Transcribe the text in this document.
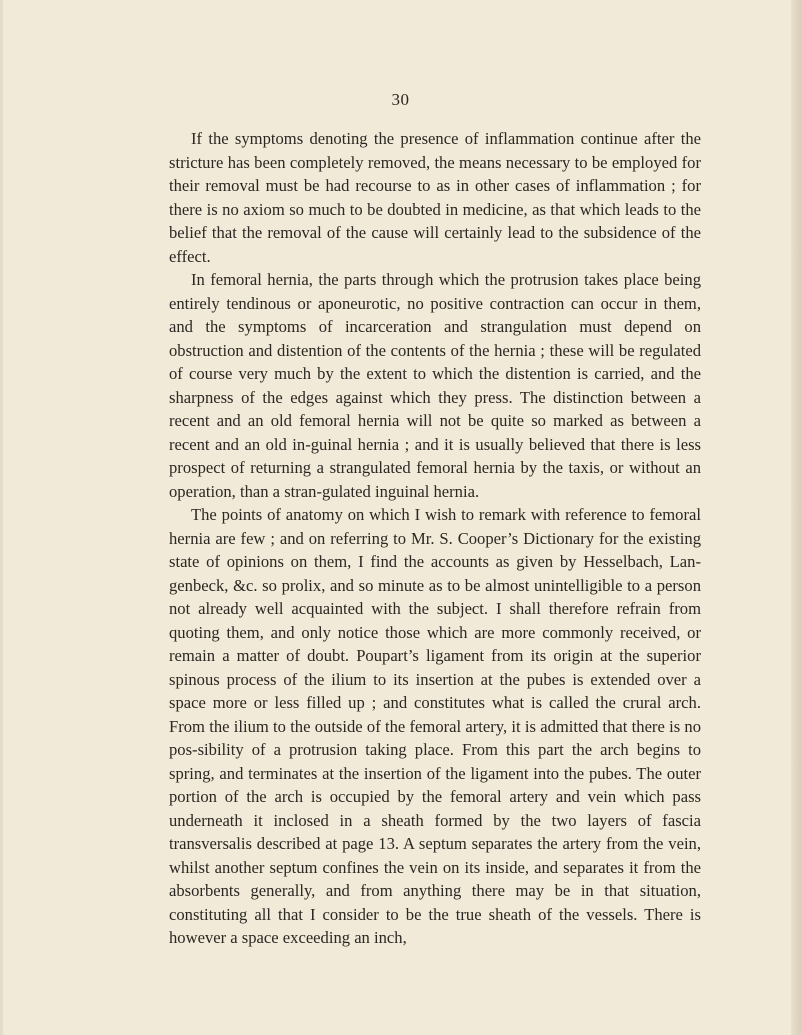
30

If the symptoms denoting the presence of inflammation continue after the stricture has been completely removed, the means necessary to be employed for their removal must be had recourse to as in other cases of inflammation ; for there is no axiom so much to be doubted in medicine, as that which leads to the belief that the removal of the cause will certainly lead to the subsidence of the effect.

In femoral hernia, the parts through which the protrusion takes place being entirely tendinous or aponeurotic, no positive contraction can occur in them, and the symptoms of incarceration and strangulation must depend on obstruction and distention of the contents of the hernia ; these will be regulated of course very much by the extent to which the distention is carried, and the sharpness of the edges against which they press. The distinction between a recent and an old femoral hernia will not be quite so marked as between a recent and an old in-guinal hernia ; and it is usually believed that there is less prospect of returning a strangulated femoral hernia by the taxis, or without an operation, than a stran-gulated inguinal hernia.

The points of anatomy on which I wish to remark with reference to femoral hernia are few ; and on referring to Mr. S. Cooper’s Dictionary for the existing state of opinions on them, I find the accounts as given by Hesselbach, Lan-genbeck, &c. so prolix, and so minute as to be almost unintelligible to a person not already well acquainted with the subject. I shall therefore refrain from quoting them, and only notice those which are more commonly received, or remain a matter of doubt. Poupart’s ligament from its origin at the superior spinous process of the ilium to its insertion at the pubes is extended over a space more or less filled up ; and constitutes what is called the crural arch. From the ilium to the outside of the femoral artery, it is admitted that there is no pos-sibility of a protrusion taking place. From this part the arch begins to spring, and terminates at the insertion of the ligament into the pubes. The outer portion of the arch is occupied by the femoral artery and vein which pass underneath it inclosed in a sheath formed by the two layers of fascia transversalis described at page 13. A septum separates the artery from the vein, whilst another septum confines the vein on its inside, and separates it from the absorbents generally, and from anything there may be in that situation, constituting all that I consider to be the true sheath of the vessels. There is however a space exceeding an inch,
